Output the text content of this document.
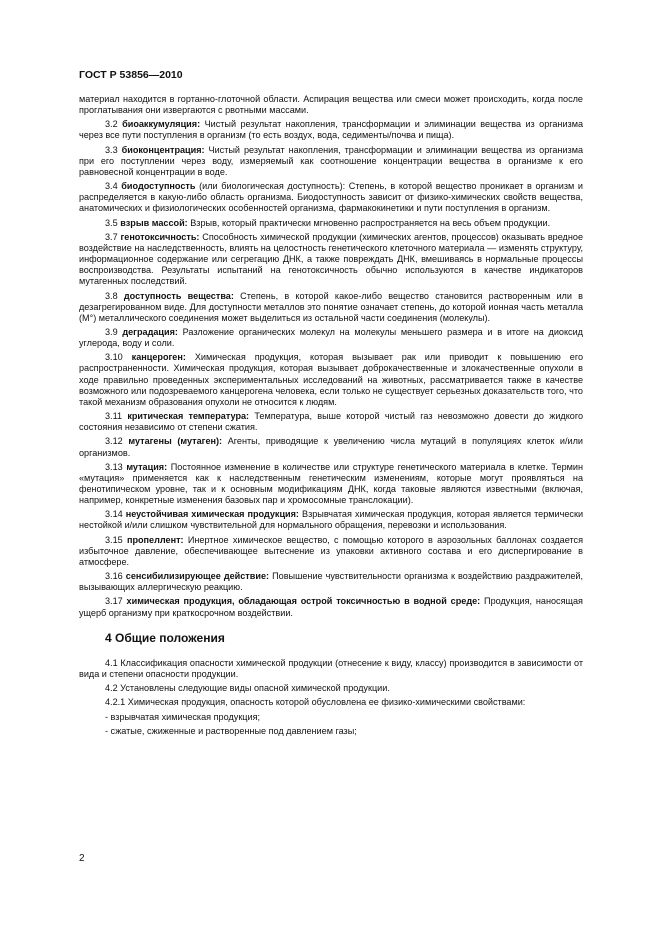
ГОСТ Р 53856—2010

материал находится в гортанно-глоточной области. Аспирация вещества или смеси может происходить, когда после проглатывания они извергаются с рвотными массами.

3.2 биоаккумуляция: Чистый результат накопления, трансформации и элиминации вещества из организма через все пути поступления в организм (то есть воздух, вода, седименты/почва и пища).

3.3 биоконцентрация: Чистый результат накопления, трансформации и элиминации вещества из организма при его поступлении через воду, измеряемый как соотношение концентрации вещества в организме к его равновесной концентрации в воде.

3.4 биодоступность (или биологическая доступность): Степень, в которой вещество проникает в организм и распределяется в какую-либо область организма. Биодоступность зависит от физико-химических свойств вещества, анатомических и физиологических особенностей организма, фармакокинетики и пути поступления в организм.

3.5 взрыв массой: Взрыв, который практически мгновенно распространяется на весь объем продукции.

3.7 генотоксичность: Способность химической продукции (химических агентов, процессов) оказывать вредное воздействие на наследственность, влиять на целостность генетического клеточного материала — изменять структуру, информационное содержание или сегрегацию ДНК, а также повреждать ДНК, вмешиваясь в нормальные процессы воспроизводства. Результаты испытаний на генотоксичность обычно используются в качестве индикаторов мутагенных последствий.

3.8 доступность вещества: Степень, в которой какое-либо вещество становится растворенным или в дезагрегированном виде. Для доступности металлов это понятие означает степень, до которой ионная часть металла (M°) металлического соединения может выделиться из остальной части соединения (молекулы).

3.9 деградация: Разложение органических молекул на молекулы меньшего размера и в итоге на диоксид углерода, воду и соли.

3.10 канцероген: Химическая продукция, которая вызывает рак или приводит к повышению его распространенности. Химическая продукция, которая вызывает доброкачественные и злокачественные опухоли в ходе правильно проведенных экспериментальных исследований на животных, рассматривается также в качестве возможного или подозреваемого канцерогена человека, если только не существует серьезных доказательств того, что такой механизм образования опухоли не относится к людям.

3.11 критическая температура: Температура, выше которой чистый газ невозможно довести до жидкого состояния независимо от степени сжатия.

3.12 мутагены (мутаген): Агенты, приводящие к увеличению числа мутаций в популяциях клеток и/или организмов.

3.13 мутация: Постоянное изменение в количестве или структуре генетического материала в клетке. Термин «мутация» применяется как к наследственным генетическим изменениям, которые могут проявляться на фенотипическом уровне, так и к основным модификациям ДНК, когда таковые являются известными (включая, например, конкретные изменения базовых пар и хромосомные транслокации).

3.14 неустойчивая химическая продукция: Взрывчатая химическая продукция, которая является термически нестойкой и/или слишком чувствительной для нормального обращения, перевозки и использования.

3.15 пропеллент: Инертное химическое вещество, с помощью которого в аэрозольных баллонах создается избыточное давление, обеспечивающее вытеснение из упаковки активного состава и его диспергирование в атмосфере.

3.16 сенсибилизирующее действие: Повышение чувствительности организма к воздействию раздражителей, вызывающих аллергическую реакцию.

3.17 химическая продукция, обладающая острой токсичностью в водной среде: Продукция, наносящая ущерб организму при краткосрочном воздействии.

4 Общие положения

4.1 Классификация опасности химической продукции (отнесение к виду, классу) производится в зависимости от вида и степени опасности продукции.

4.2 Установлены следующие виды опасной химической продукции.

4.2.1 Химическая продукция, опасность которой обусловлена ее физико-химическими свойствами:

- взрывчатая химическая продукция;

- сжатые, сжиженные и растворенные под давлением газы;

2
